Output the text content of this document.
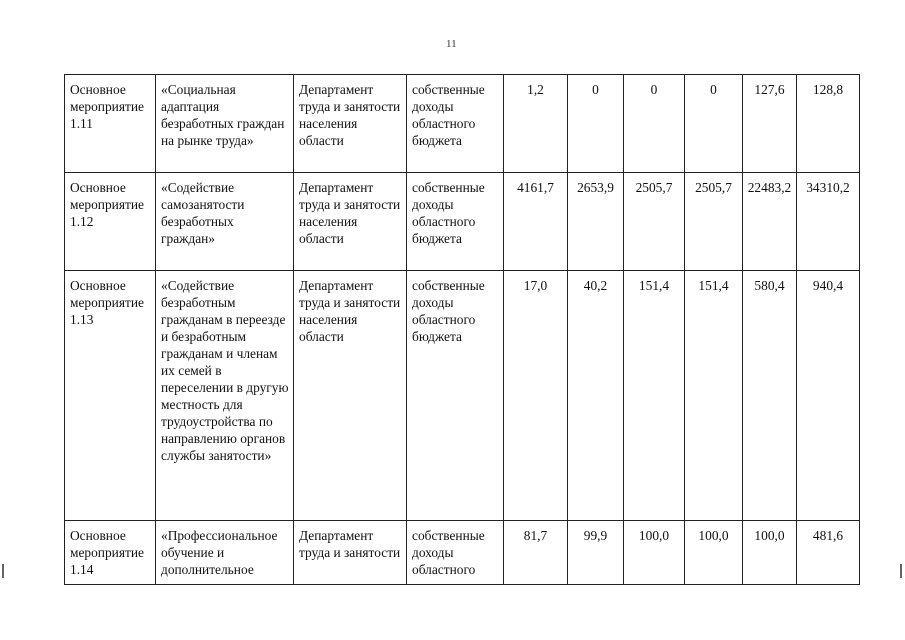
11
Основное мероприятие 1.11	«Социальная адаптация безработных граждан на рынке труда»	Департамент труда и занятости населения области	собственные доходы областного бюджета	1,2	0	0	0	127,6	128,8
Основное мероприятие 1.12	«Содействие самозанятости безработных граждан»	Департамент труда и занятости населения области	собственные доходы областного бюджета	4161,7	2653,9	2505,7	2505,7	22483,2	34310,2
Основное мероприятие 1.13	«Содействие безработным гражданам в переезде и безработным гражданам и членам их семей в переселении в другую местность для трудоустройства по направлению органов службы занятости»	Департамент труда и занятости населения области	собственные доходы областного бюджета	17,0	40,2	151,4	151,4	580,4	940,4
Основное мероприятие 1.14	«Профессиональное обучение и дополнительное	Департамент труда и занятости	собственные доходы областного	81,7	99,9	100,0	100,0	100,0	481,6
